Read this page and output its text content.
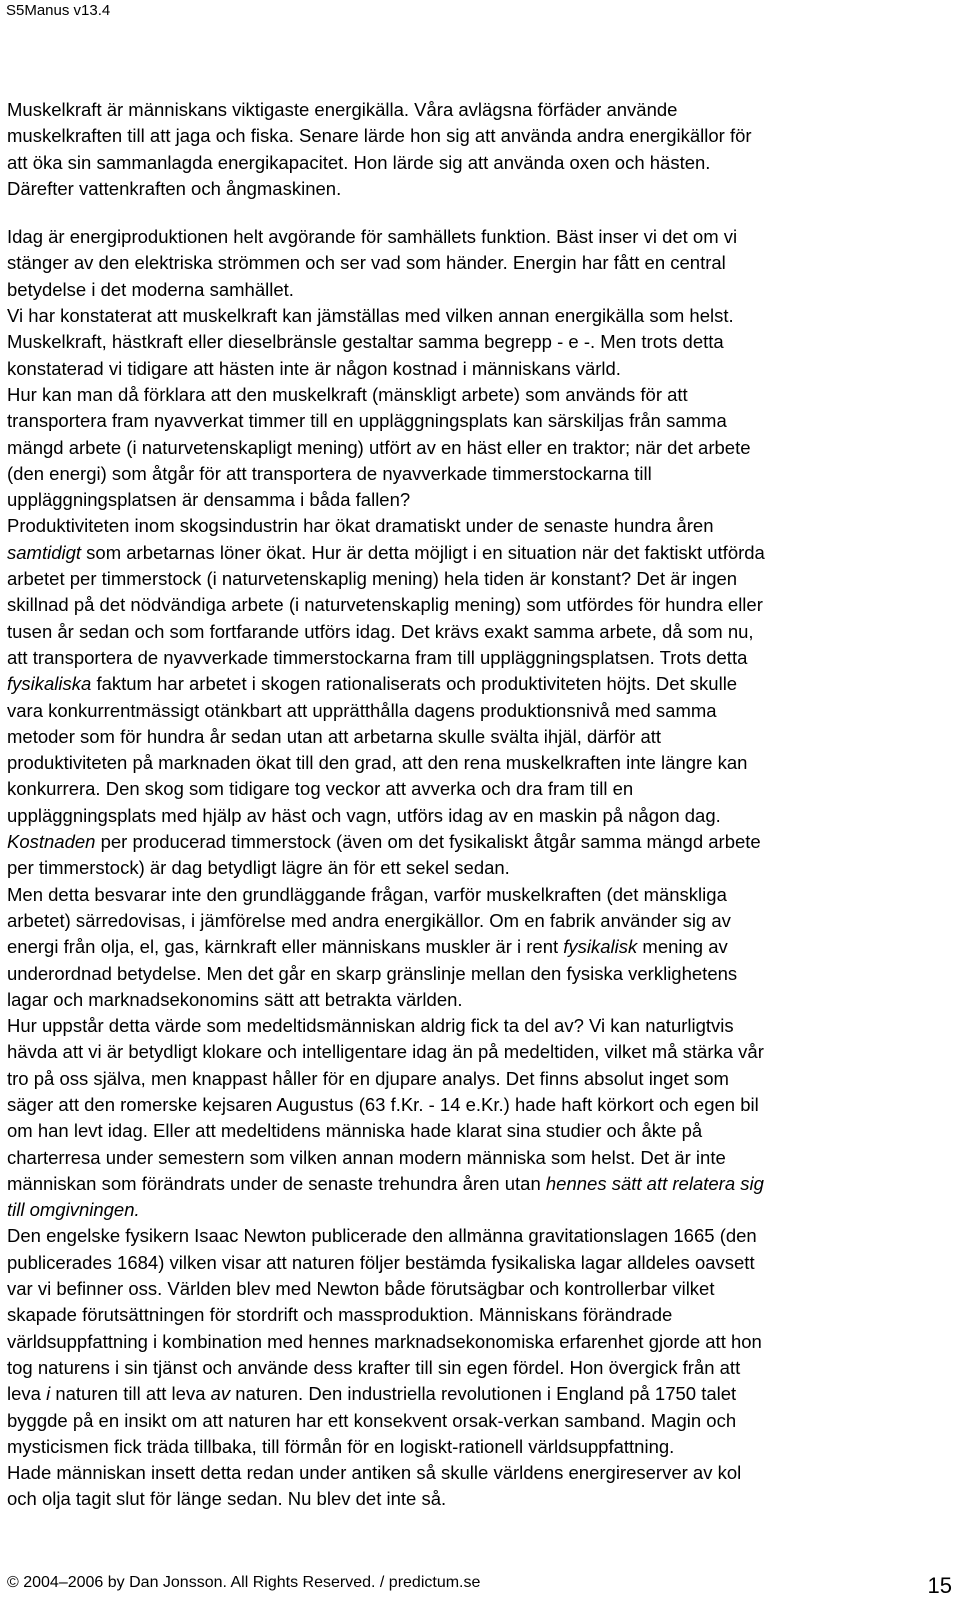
S5Manus v13.4
Muskelkraft är människans viktigaste energikälla. Våra avlägsna förfäder använde
muskelkraften till att jaga och fiska. Senare lärde hon sig att använda andra energikällor för
att öka sin sammanlagda energikapacitet. Hon lärde sig att använda oxen och hästen.
Därefter vattenkraften och ångmaskinen.
Idag är energiproduktionen helt avgörande för samhällets funktion. Bäst inser vi det om vi
stänger av den elektriska strömmen och ser vad som händer. Energin har fått en central
betydelse i det moderna samhället.
Vi har konstaterat att muskelkraft kan jämställas med vilken annan energikälla som helst.
Muskelkraft, hästkraft eller dieselbränsle gestaltar samma begrepp - e -. Men trots detta
konstaterad vi tidigare att hästen inte är någon kostnad i människans värld.
Hur kan man då förklara att den muskelkraft (mänskligt arbete) som används för att
transportera fram nyavverkat timmer till en uppläggningsplats kan särskiljas från samma
mängd arbete (i naturvetenskapligt mening) utfört av en häst eller en traktor; när det arbete
(den energi) som åtgår för att transportera de nyavverkade timmerstockarna till
uppläggningsplatsen är densamma i båda fallen?
Produktiviteten inom skogsindustrin har ökat dramatiskt under de senaste hundra åren
samtidigt som arbetarnas löner ökat. Hur är detta möjligt i en situation när det faktiskt utförda
arbetet per timmerstock (i naturvetenskaplig mening) hela tiden är konstant? Det är ingen
skillnad på det nödvändiga arbete (i naturvetenskaplig mening) som utfördes för hundra eller
tusen år sedan och som fortfarande utförs idag. Det krävs exakt samma arbete, då som nu,
att transportera de nyavverkade timmerstockarna fram till uppläggningsplatsen. Trots detta
fysikaliska faktum har arbetet i skogen rationaliserats och produktiviteten höjts. Det skulle
vara konkurrentmässigt otänkbart att upprätthålla dagens produktionsnivå med samma
metoder som för hundra år sedan utan att arbetarna skulle svälta ihjäl, därför att
produktiviteten på marknaden ökat till den grad, att den rena muskelkraften inte längre kan
konkurrera. Den skog som tidigare tog veckor att avverka och dra fram till en
uppläggningsplats med hjälp av häst och vagn, utförs idag av en maskin på någon dag.
Kostnaden per producerad timmerstock (även om det fysikaliskt åtgår samma mängd arbete
per timmerstock) är dag betydligt lägre än för ett sekel sedan.
Men detta besvarar inte den grundläggande frågan, varför muskelkraften (det mänskliga
arbetet) särredovisas, i jämförelse med andra energikällor. Om en fabrik använder sig av
energi från olja, el, gas, kärnkraft eller människans muskler är i rent fysikalisk mening av
underordnad betydelse. Men det går en skarp gränslinje mellan den fysiska verklighetens
lagar och marknadsekonomins sätt att betrakta världen.
Hur uppstår detta värde som medeltidsmänniskan aldrig fick ta del av? Vi kan naturligtvis
hävda att vi är betydligt klokare och intelligentare idag än på medeltiden, vilket må stärka vår
tro på oss själva, men knappast håller för en djupare analys. Det finns absolut inget som
säger att den romerske kejsaren Augustus (63 f.Kr. - 14 e.Kr.) hade haft körkort och egen bil
om han levt idag. Eller att medeltidens människa hade klarat sina studier och åkte på
charterresa under semestern som vilken annan modern människa som helst. Det är inte
människan som förändrats under de senaste trehundra åren utan hennes sätt att relatera sig
till omgivningen.
Den engelske fysikern Isaac Newton publicerade den allmänna gravitationslagen 1665 (den
publicerades 1684) vilken visar att naturen följer bestämda fysikaliska lagar alldeles oavsett
var vi befinner oss. Världen blev med Newton både förutsägbar och kontrollerbar vilket
skapade förutsättningen för stordrift och massproduktion. Människans förändrade
världsuppfattning i kombination med hennes marknadsekonomiska erfarenhet gjorde att hon
tog naturens i sin tjänst och använde dess krafter till sin egen fördel. Hon övergick från att
leva i naturen till att leva av naturen. Den industriella revolutionen i England på 1750 talet
byggde på en insikt om att naturen har ett konsekvent orsak-verkan samband. Magin och
mysticismen fick träda tillbaka, till förmån för en logiskt-rationell världsuppfattning.
Hade människan insett detta redan under antiken så skulle världens energireserver av kol
och olja tagit slut för länge sedan. Nu blev det inte så.
© 2004–2006 by Dan Jonsson. All Rights Reserved. / predictum.se	15
